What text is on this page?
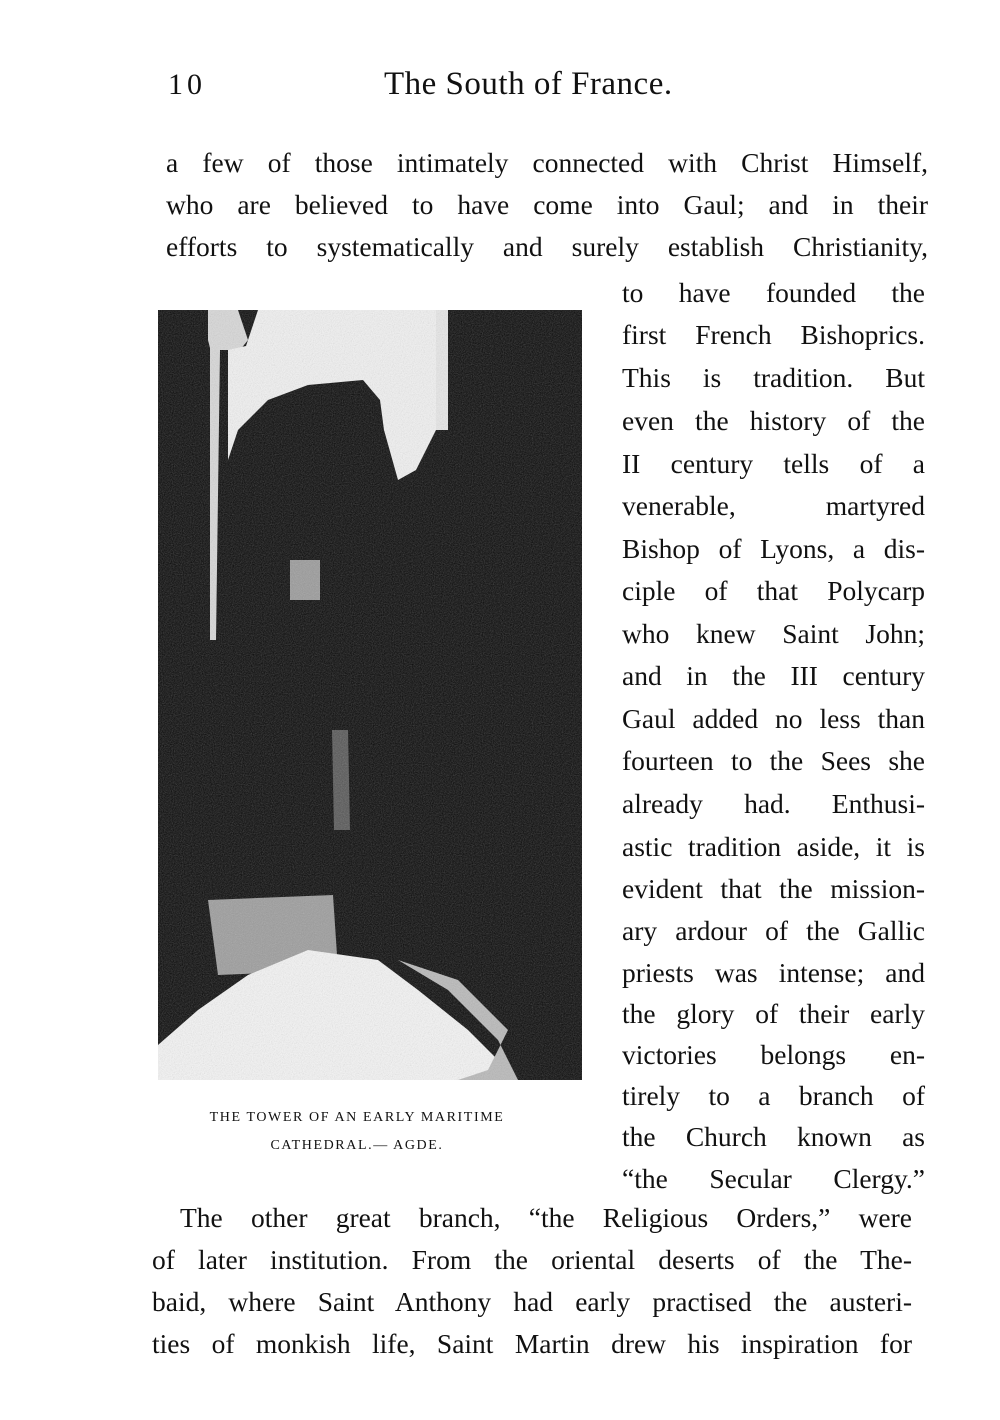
10	The South of France.
a few of those intimately connected with Christ Himself,
who are believed to have come into Gaul; and in their
efforts to systematically and surely establish Christianity,
THE TOWER OF AN EARLY MARITIME
CATHEDRAL.— AGDE.
to have founded the
first French Bishoprics.
This is tradition. But
even the history of the
II century tells of a
venerable, martyred
Bishop of Lyons, a dis-
ciple of that Polycarp
who knew Saint John;
and in the III century
Gaul added no less than
fourteen to the Sees she
already had. Enthusi-
astic tradition aside, it is
evident that the mission-
ary ardour of the Gallic
priests was intense; and
the glory of their early
victories belongs en-
tirely to a branch of
the Church known as
“the Secular Clergy.”
The other great branch, “the Religious Orders,” were
of later institution. From the oriental deserts of the The-
baid, where Saint Anthony had early practised the austeri-
ties of monkish life, Saint Martin drew his inspiration for
